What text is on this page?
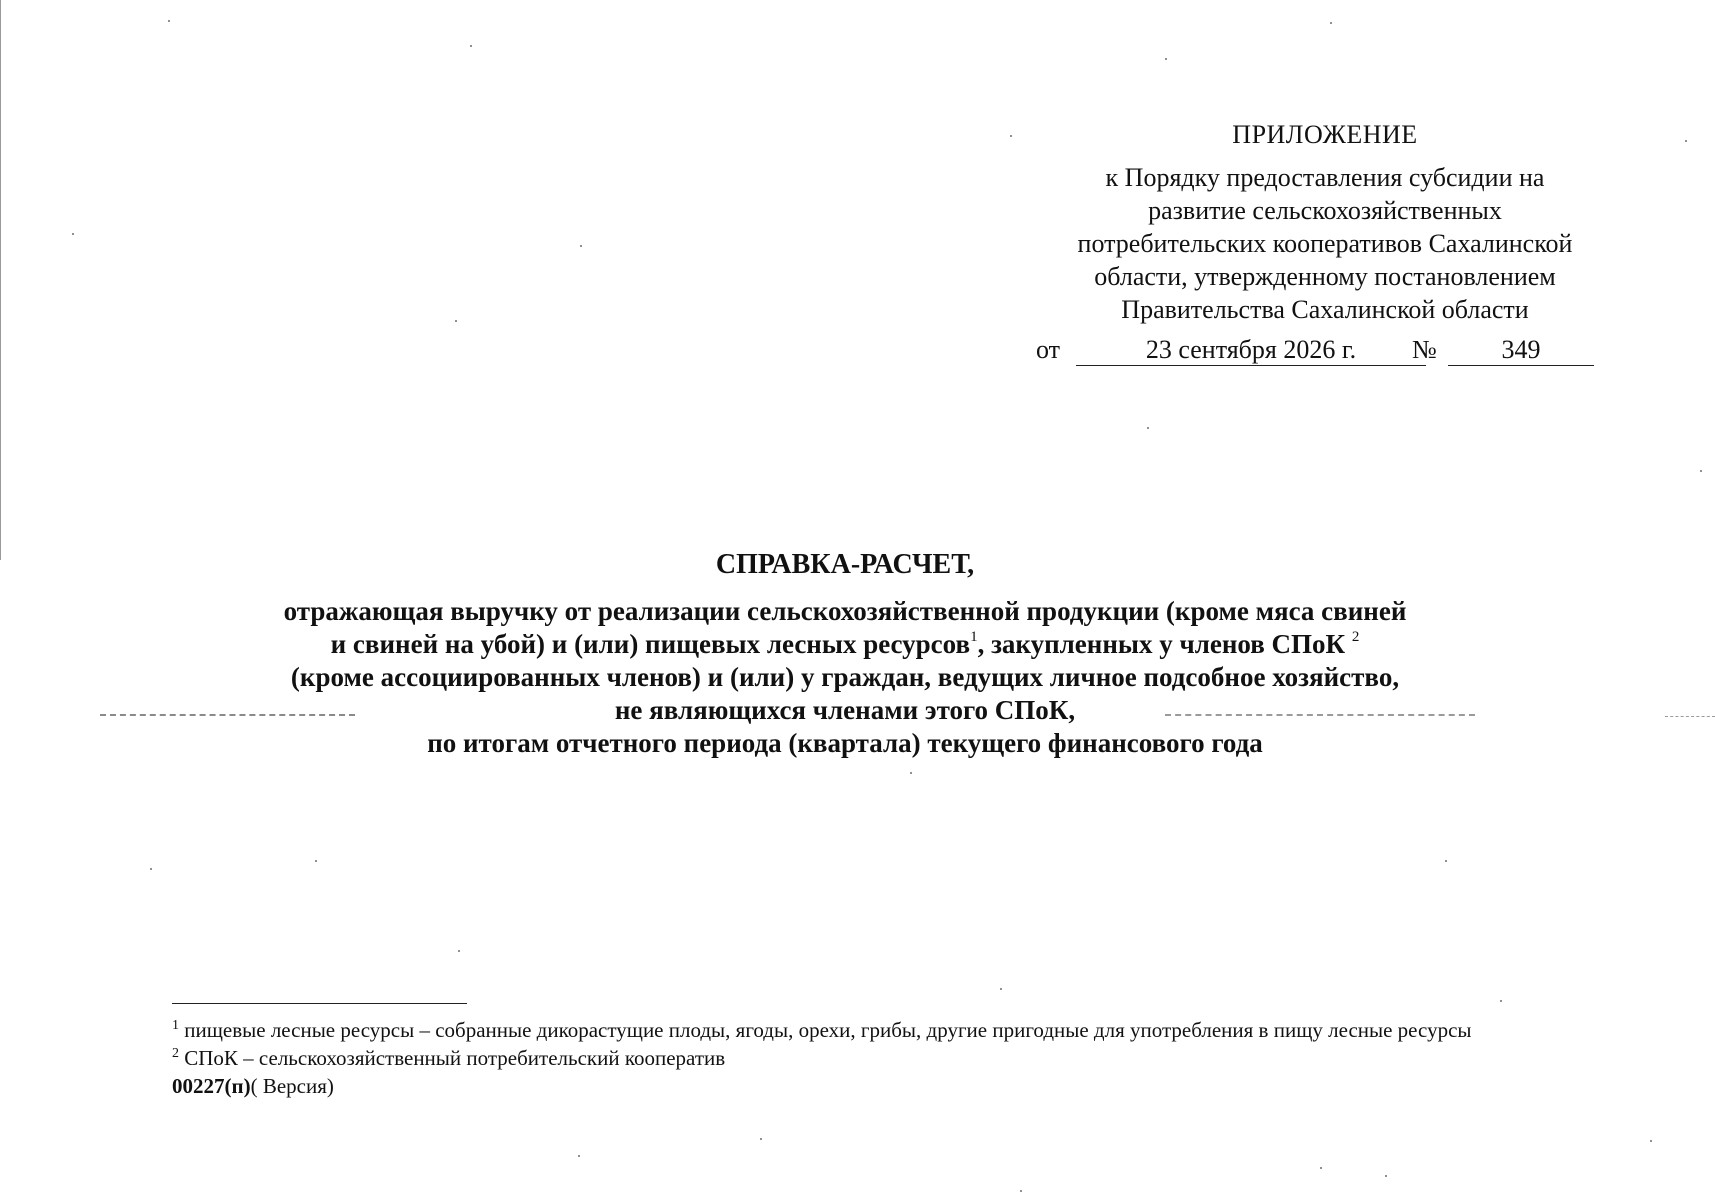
ПРИЛОЖЕНИЕ
к Порядку предоставления субсидии на
развитие сельскохозяйственных
потребительских кооперативов Сахалинской
области, утвержденному постановлением
Правительства Сахалинской области
от	23 сентября 2026 г.	№	349
СПРАВКА-РАСЧЕТ,
отражающая выручку от реализации сельскохозяйственной продукции (кроме мяса свиней
и свиней на убой) и (или) пищевых лесных ресурсов$^1$, закупленных у членов СПоК $^2$
(кроме ассоциированных членов) и (или) у граждан, ведущих личное подсобное хозяйство,
не являющихся членами этого СПоК,
по итогам отчетного периода (квартала) текущего финансового года
$^1$ пищевые лесные ресурсы – собранные дикорастущие плоды, ягоды, орехи, грибы, другие пригодные для употребления в пищу лесные ресурсы
$^2$ СПоК – сельскохозяйственный потребительский кооператив
00227(п)( Версия)
